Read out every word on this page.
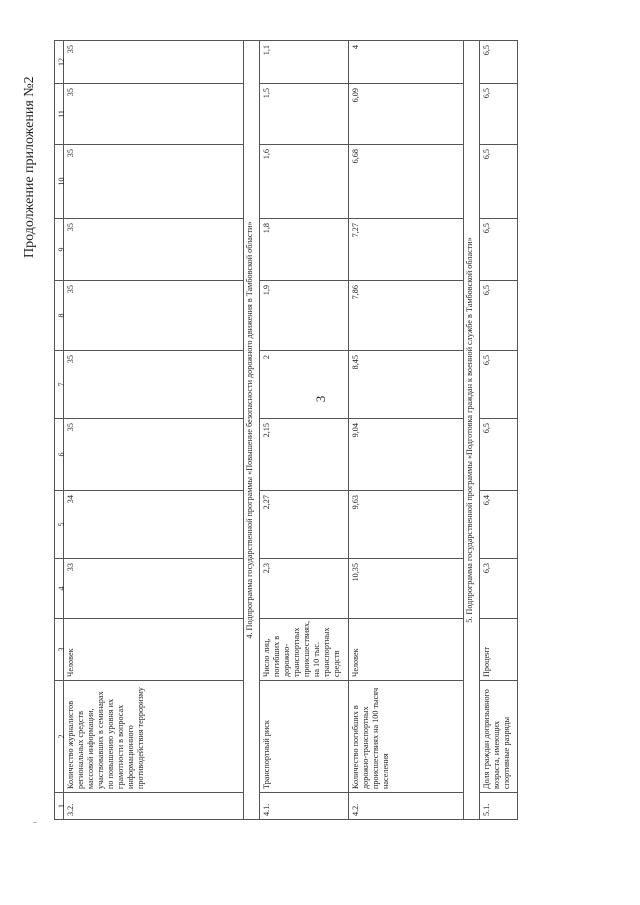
Продолжение приложения №2
3
1
2
3
4
5
6
7
8
9
10
11
12
3.2.
Количество журналистов региональных средств массовой информации, участвовавших в семинарах по повышению уровня их грамотности в вопросах информационного противодействия терроризму
Человек
33
34
35
35
35
35
35
35
35
4. Подпрограмма государственной программы «Повышение безопасности дорожного движения в Тамбовской области»
4.1.
Транспортный риск
Число лиц, погибших в дорожно-транспортных происшествиях, на 10 тыс. транспортных средств
2,3
2,27
2,15
2
1,9
1,8
1,6
1,5
1,1
4.2.
Количество погибших в дорожно-транспортных происшествиях на 100 тысяч населения
Человек
10,35
9,63
9,04
8,45
7,86
7,27
6,68
6,09
4
5. Подпрограмма государственной программы «Подготовка граждан к военной службе в Тамбовской области»
5.1.
Доля граждан допризывного возраста, имеющих спортивные разряды
Процент
6,3
6,4
6,5
6,5
6,5
6,5
6,5
6,5
6,5
